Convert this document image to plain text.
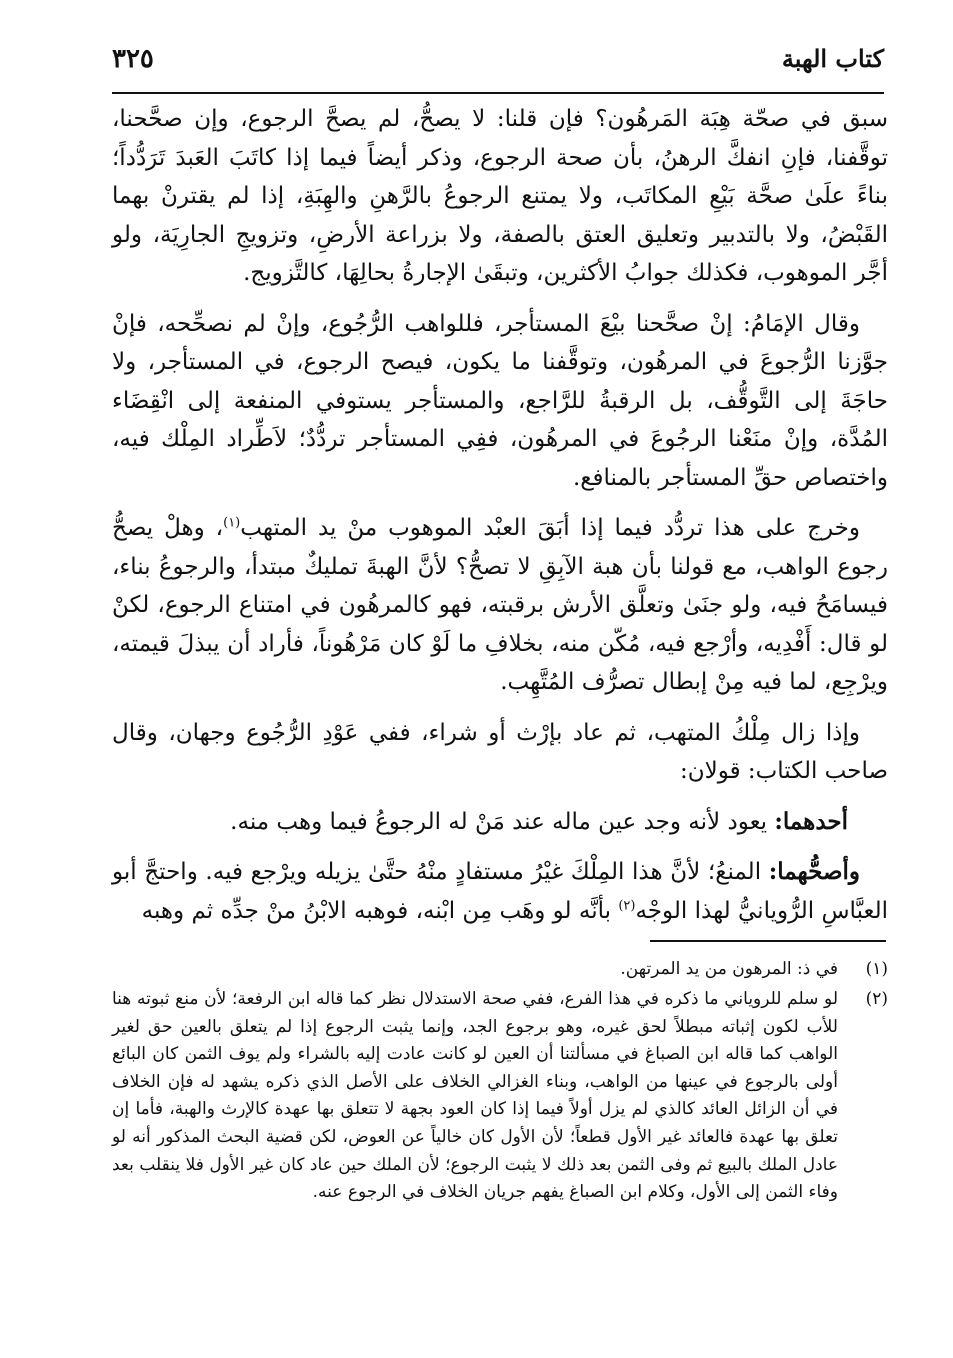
كتاب الهبة
٣٢٥

سبق في صحّة هِبَة المَرهُون؟ فإن قلنا: لا يصحُّ، لم يصحَّ الرجوع، وإن صحَّحنا، توقَّفنا، فإنِ انفكَّ الرهنُ، بأن صحة الرجوع، وذكر أيضاً فيما إذا كاتَبَ العَبدَ تَرَدُّداً؛ بناءً علَىٰ صحَّة بَيْعِ المكاتَب، ولا يمتنع الرجوعُ بالرَّهنِ والهِبَةِ، إذا لم يقترنْ بهما القَبْضُ، ولا بالتدبير وتعليق العتق بالصفة، ولا بزراعة الأرضِ، وتزويجِ الجارِيَة، ولو أجَّر الموهوب، فكذلك جوابُ الأكثرين، وتبقَىٰ الإجارةُ بحالِهَا، كالتَّزويج.

وقال الإمَامُ: إنْ صحَّحنا بيْعَ المستأجر، فللواهب الرُّجُوع، وإنْ لم نصحِّحه، فإنْ جوَّزنا الرُّجوعَ في المرهُون، وتوقَّفنا ما يكون، فيصح الرجوع، في المستأجر، ولا حاجَةَ إلى التَّوقُّف، بل الرقبةُ للرَّاجع، والمستأجر يستوفي المنفعة إلى انْقِضَاء المُدَّة، وإنْ منَعْنا الرجُوعَ في المرهُون، ففِي المستأجر تردُّدٌ؛ لاَطِّراد المِلْك فيه، واختصاص حقِّ المستأجر بالمنافع.

وخرج على هذا تردُّد فيما إذا أبَقَ العبْد الموهوب منْ يد المتهب$^{(١)}$، وهلْ يصحُّ رجوع الواهب، مع قولنا بأن هبة الآبِقِ لا تصحُّ؟ لأنَّ الهبةَ تمليكٌ مبتدأ، والرجوعُ بناء، فيسامَحُ فيه، ولو جنَىٰ وتعلَّق الأرش برقبته، فهو كالمرهُون في امتناع الرجوع، لكنْ لو قال: أَفْدِيه، وأرْجع فيه، مُكّن منه، بخلافِ ما لَوْ كان مَرْهُوناً، فأراد أن يبذلَ قيمته، ويرْجِع، لما فيه مِنْ إبطال تصرُّف المُتَّهِب.

وإذا زال مِلْكُ المتهب، ثم عاد بإرْث أو شراء، ففي عَوْدِ الرُّجُوع وجهان، وقال صاحب الكتاب: قولان:

أحدهما: يعود لأنه وجد عين ماله عند مَنْ له الرجوعُ فيما وهب منه.

وأصحُّهما: المنعُ؛ لأنَّ هذا المِلْكَ غيْرُ مستفادٍ منْهُ حتَّىٰ يزيله ويرْجع فيه. واحتجَّ أبو العبَّاسِ الرُّويانيُّ لهذا الوجْه$^{(٢)}$ بأنَّه لو وهَب مِن ابْنه، فوهبه الابْنُ منْ جدِّه ثم وهبه

(١)
في ذ: المرهون من يد المرتهن.
(٢)
لو سلم للروياني ما ذكره في هذا الفرع، ففي صحة الاستدلال نظر كما قاله ابن الرفعة؛ لأن منع ثبوته هنا للأب لكون إثباته مبطلاً لحق غيره، وهو برجوع الجد، وإنما يثبت الرجوع إذا لم يتعلق بالعين حق لغير الواهب كما قاله ابن الصباغ في مسألتنا أن العين لو كانت عادت إليه بالشراء ولم يوف الثمن كان البائع أولى بالرجوع في عينها من الواهب، وبناء الغزالي الخلاف على الأصل الذي ذكره يشهد له فإن الخلاف في أن الزائل العائد كالذي لم يزل أولاً فيما إذا كان العود بجهة لا تتعلق بها عهدة كالإرث والهبة، فأما إن تعلق بها عهدة فالعائد غير الأول قطعاً؛ لأن الأول كان خالياً عن العوض، لكن قضية البحث المذكور أنه لو عادل الملك بالبيع ثم وفى الثمن بعد ذلك لا يثبت الرجوع؛ لأن الملك حين عاد كان غير الأول فلا ينقلب بعد وفاء الثمن إلى الأول، وكلام ابن الصباغ يفهم جريان الخلاف في الرجوع عنه.
